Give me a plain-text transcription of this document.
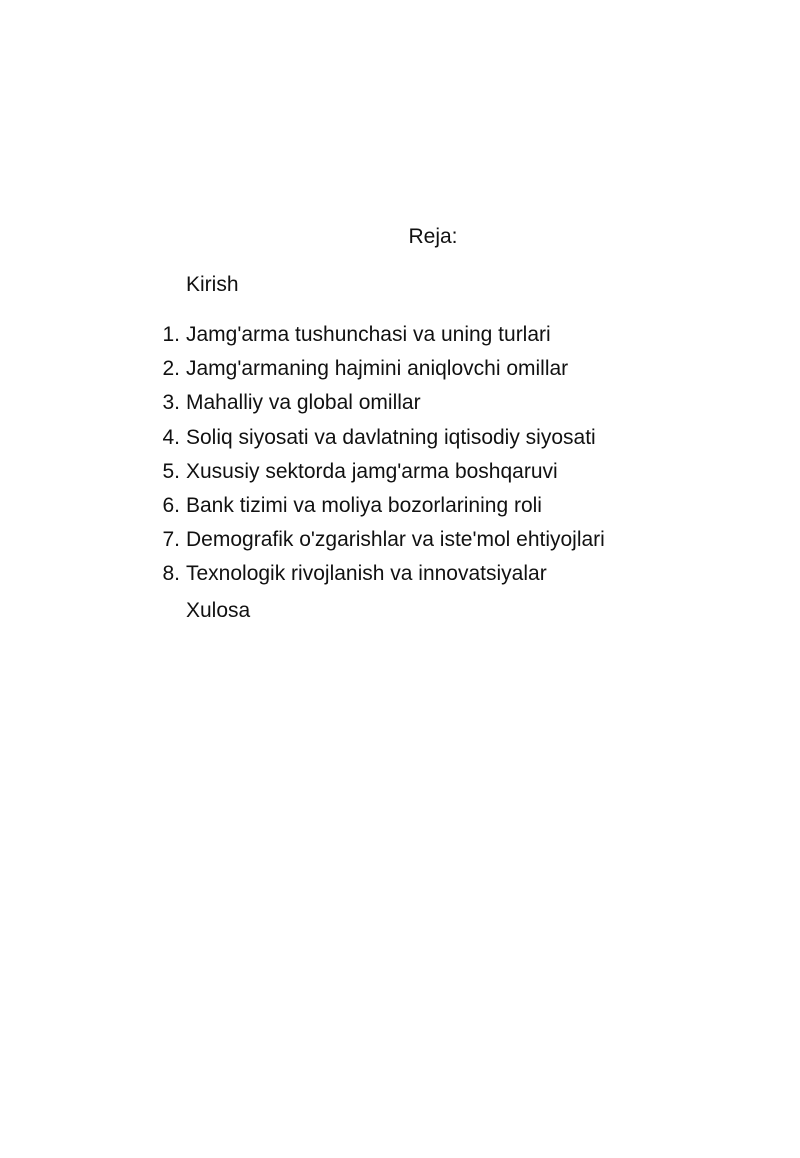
Reja:
Kirish
1. Jamg'arma tushunchasi va uning turlari
2. Jamg'armaning hajmini aniqlovchi omillar
3. Mahalliy va global omillar
4. Soliq siyosati va davlatning iqtisodiy siyosati
5. Xususiy sektorda jamg'arma boshqaruvi
6. Bank tizimi va moliya bozorlarining roli
7. Demografik o'zgarishlar va iste'mol ehtiyojlari
8. Texnologik rivojlanish va innovatsiyalar
Xulosa
